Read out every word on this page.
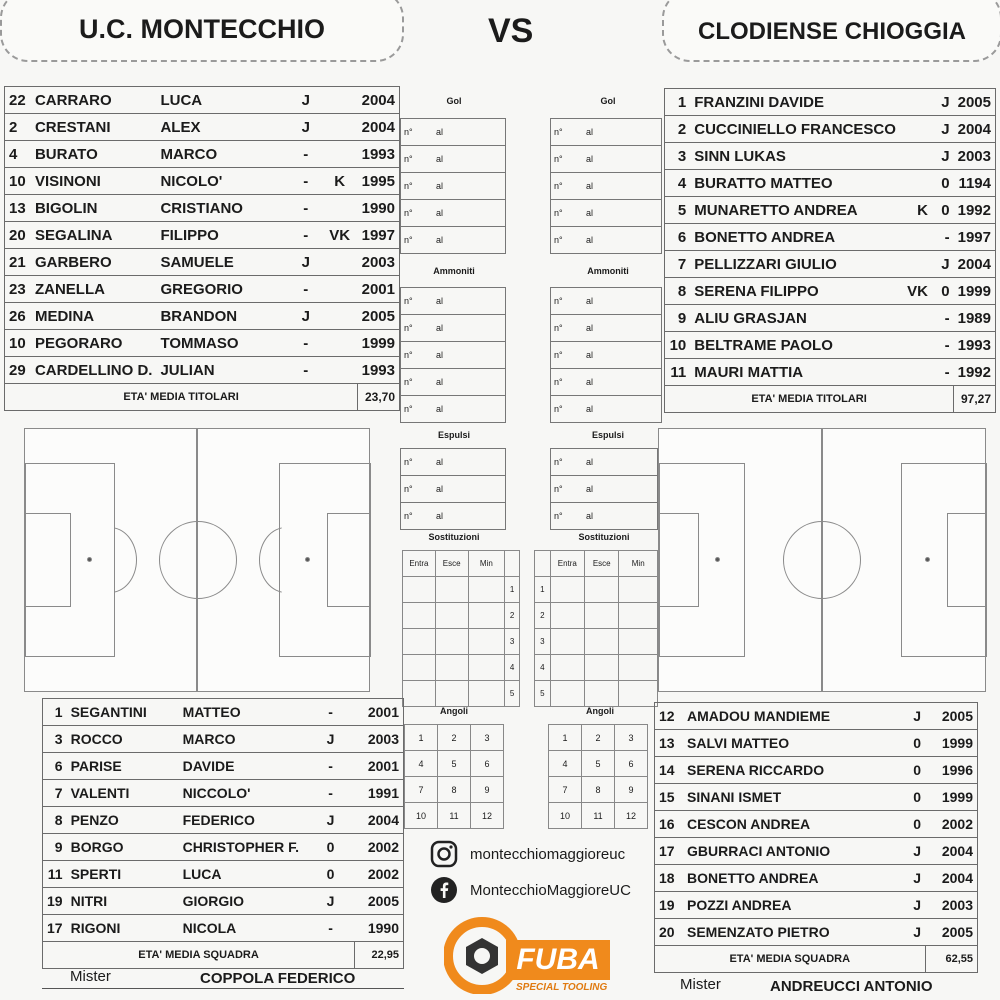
U.C. MONTECCHIO	VS	CLODIENSE CHIOGGIA
22	CARRARO	LUCA	J		2004
2	CRESTANI	ALEX	J		2004
4	BURATO	MARCO	-		1993
10	VISINONI	NICOLO'	-	K	1995
13	BIGOLIN	CRISTIANO	-		1990
20	SEGALINA	FILIPPO	-	VK	1997
21	GARBERO	SAMUELE	J		2003
23	ZANELLA	GREGORIO	-		2001
26	MEDINA	BRANDON	J		2005
10	PEGORARO	TOMMASO	-		1999
29	CARDELLINO D.	JULIAN	-		1993
ETA' MEDIA TITOLARI					23,70
1	FRANZINI DAVIDE		J	2005
2	CUCCINIELLO FRANCESCO		J	2004
3	SINN LUKAS		J	2003
4	BURATTO MATTEO		0	1194
5	MUNARETTO ANDREA	K	0	1992
6	BONETTO ANDREA		-	1997
7	PELLIZZARI GIULIO		J	2004
8	SERENA FILIPPO	VK	0	1999
9	ALIU GRASJAN		-	1989
10	BELTRAME PAOLO		-	1993
11	MAURI MATTIA		-	1992
ETA' MEDIA TITOLARI				97,27
Gol
n°	al
n°	al
n°	al
n°	al
n°	al
Ammoniti
n°	al
n°	al
n°	al
n°	al
n°	al
Espulsi
n°	al
n°	al
n°	al
Gol
n°	al
n°	al
n°	al
n°	al
n°	al
Ammoniti
n°	al
n°	al
n°	al
n°	al
n°	al
Espulsi
n°	al
n°	al
n°	al
Sostituzioni
Entra	Esce	Min	
			1
			2
			3
			4
			5
Sostituzioni
	Entra	Esce	Min
1			
2			
3			
4			
5			
Angoli
1	2	3
4	5	6
7	8	9
10	11	12
Angoli
1	2	3
4	5	6
7	8	9
10	11	12
1	SEGANTINI	MATTEO	-	2001
3	ROCCO	MARCO	J	2003
6	PARISE	DAVIDE	-	2001
7	VALENTI	NICCOLO'	-	1991
8	PENZO	FEDERICO	J	2004
9	BORGO	CHRISTOPHER F.	0	2002
11	SPERTI	LUCA	0	2002
19	NITRI	GIORGIO	J	2005
17	RIGONI	NICOLA	-	1990
ETA' MEDIA SQUADRA				22,95
12	AMADOU MANDIEME J	2005
13	SALVI MATTEO 0	1999
14	SERENA RICCARDO 0	1996
15	SINANI ISMET 0	1999
16	CESCON ANDREA 0	2002
17	GBURRACI ANTONIO J	2004
18	BONETTO ANDREA J	2004
19	POZZI ANDREA J	2003
20	SEMENZATO PIETRO J	2005
ETA' MEDIA SQUADRA		62,55
montecchiomaggioreuc
MontecchioMaggioreUC
FUBA
SPECIAL TOOLING
Mister	COPPOLA FEDERICO	Mister	ANDREUCCI ANTONIO
